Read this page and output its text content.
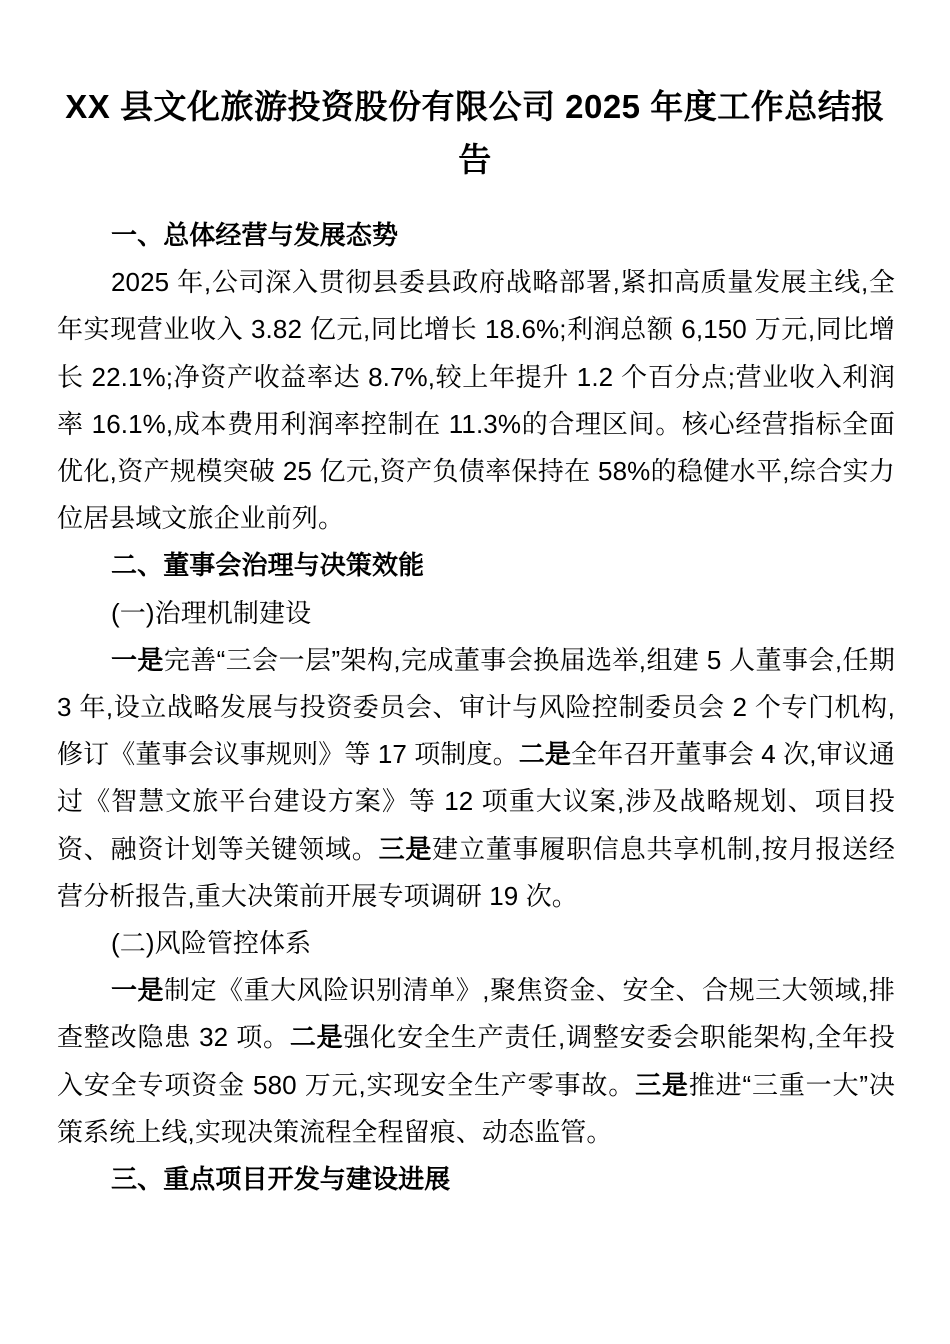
XX 县文化旅游投资股份有限公司 2025 年度工作总结报告

一、总体经营与发展态势

2025 年,公司深入贯彻县委县政府战略部署,紧扣高质量发展主线,全年实现营业收入 3.82 亿元,同比增长 18.6%;利润总额 6,150 万元,同比增长 22.1%;净资产收益率达 8.7%,较上年提升 1.2 个百分点;营业收入利润率 16.1%,成本费用利润率控制在 11.3%的合理区间。核心经营指标全面优化,资产规模突破 25 亿元,资产负债率保持在 58%的稳健水平,综合实力位居县域文旅企业前列。

二、董事会治理与决策效能

(一)治理机制建设

一是完善“三会一层”架构,完成董事会换届选举,组建 5 人董事会,任期 3 年,设立战略发展与投资委员会、审计与风险控制委员会 2 个专门机构,修订《董事会议事规则》等 17 项制度。二是全年召开董事会 4 次,审议通过《智慧文旅平台建设方案》等 12 项重大议案,涉及战略规划、项目投资、融资计划等关键领域。三是建立董事履职信息共享机制,按月报送经营分析报告,重大决策前开展专项调研 19 次。

(二)风险管控体系

一是制定《重大风险识别清单》,聚焦资金、安全、合规三大领域,排查整改隐患 32 项。二是强化安全生产责任,调整安委会职能架构,全年投入安全专项资金 580 万元,实现安全生产零事故。三是推进“三重一大”决策系统上线,实现决策流程全程留痕、动态监管。

三、重点项目开发与建设进展
